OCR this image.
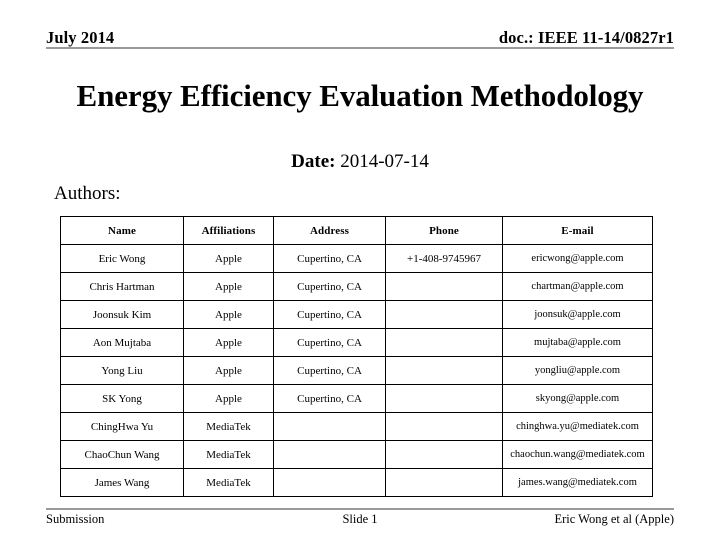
July 2014	doc.: IEEE 11-14/0827r1
Energy Efficiency Evaluation Methodology
Date: 2014-07-14
Authors:
Name	Affiliations	Address	Phone	E-mail
Eric Wong	Apple	Cupertino, CA	+1-408-9745967	ericwong@apple.com
Chris Hartman	Apple	Cupertino, CA		chartman@apple.com
Joonsuk Kim	Apple	Cupertino, CA		joonsuk@apple.com
Aon Mujtaba	Apple	Cupertino, CA		mujtaba@apple.com
Yong Liu	Apple	Cupertino, CA		yongliu@apple.com
SK Yong	Apple	Cupertino, CA		skyong@apple.com
ChingHwa Yu	MediaTek			chinghwa.yu@mediatek.com
ChaoChun Wang	MediaTek			chaochun.wang@mediatek.com
James Wang	MediaTek			james.wang@mediatek.com
Slide 1
Submission	Eric Wong et al (Apple)
